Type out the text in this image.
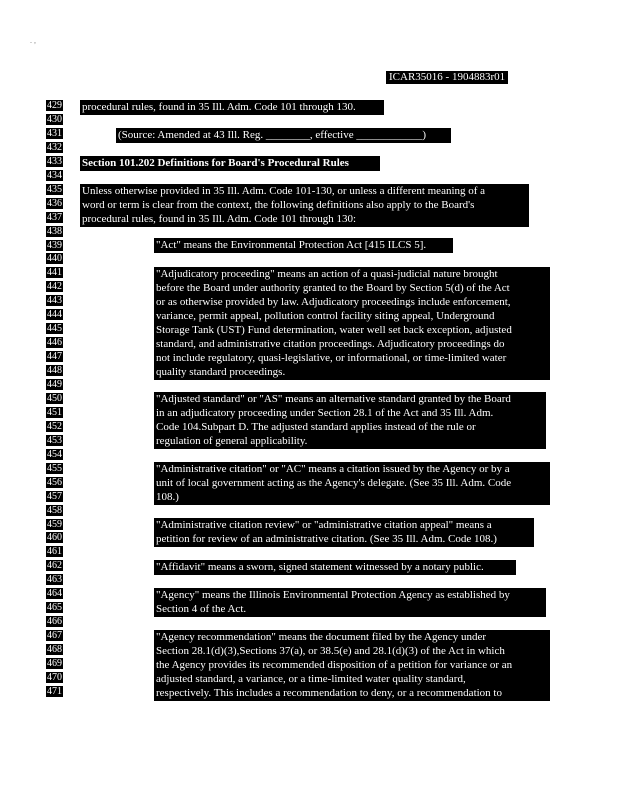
. ,
ICAR35016 - 1904883r01
429
430
431
432
433
434
435
436
437
438
439
440
441
442
443
444
445
446
447
448
449
450
451
452
453
454
455
456
457
458
459
460
461
462
463
464
465
466
467
468
469
470
471
procedural rules, found in 35 Ill. Adm. Code 101 through 130.
(Source: Amended at 43 Ill. Reg. ________, effective ____________)
Section 101.202 Definitions for Board's Procedural Rules
Unless otherwise provided in 35 Ill. Adm. Code 101-130, or unless a different meaning of a
word or term is clear from the context, the following definitions also apply to the Board's
procedural rules, found in 35 Ill. Adm. Code 101 through 130:
"Act" means the Environmental Protection Act [415 ILCS 5].
"Adjudicatory proceeding" means an action of a quasi-judicial nature brought
before the Board under authority granted to the Board by Section 5(d) of the Act
or as otherwise provided by law. Adjudicatory proceedings include enforcement,
variance, permit appeal, pollution control facility siting appeal, Underground
Storage Tank (UST) Fund determination, water well set back exception, adjusted
standard, and administrative citation proceedings. Adjudicatory proceedings do
not include regulatory, quasi-legislative, or informational, or time-limited water
quality standard proceedings.
"Adjusted standard" or "AS" means an alternative standard granted by the Board
in an adjudicatory proceeding under Section 28.1 of the Act and 35 Ill. Adm.
Code 104.Subpart D. The adjusted standard applies instead of the rule or
regulation of general applicability.
"Administrative citation" or "AC" means a citation issued by the Agency or by a
unit of local government acting as the Agency's delegate. (See 35 Ill. Adm. Code
108.)
"Administrative citation review" or "administrative citation appeal" means a
petition for review of an administrative citation. (See 35 Ill. Adm. Code 108.)
"Affidavit" means a sworn, signed statement witnessed by a notary public.
"Agency" means the Illinois Environmental Protection Agency as established by
Section 4 of the Act.
"Agency recommendation" means the document filed by the Agency under
Section 28.1(d)(3),Sections 37(a), or 38.5(e) and 28.1(d)(3) of the Act in which
the Agency provides its recommended disposition of a petition for variance or an
adjusted standard, a variance, or a time-limited water quality standard,
respectively. This includes a recommendation to deny, or a recommendation to
